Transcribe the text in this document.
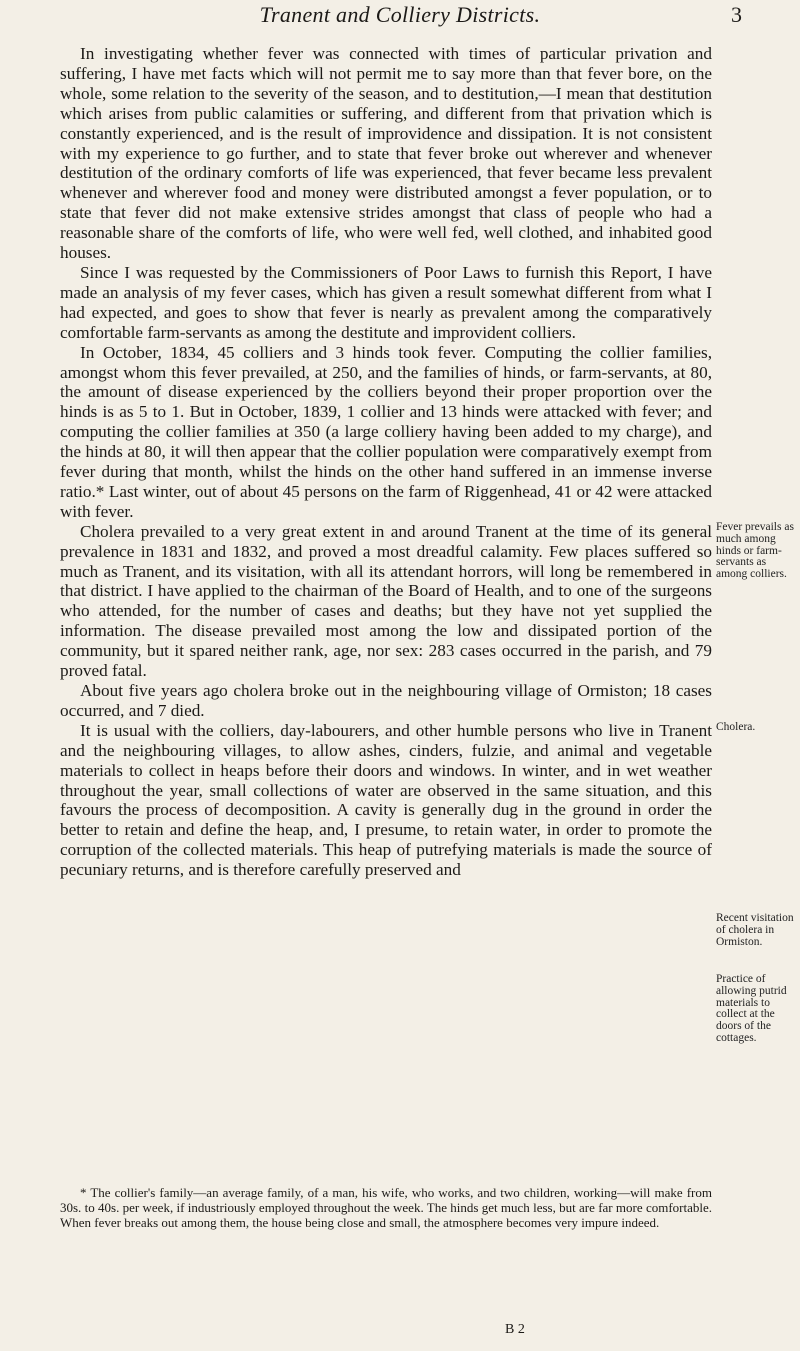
Tranent and Colliery Districts.	3

In investigating whether fever was connected with times of particular privation and suffering, I have met facts which will not permit me to say more than that fever bore, on the whole, some relation to the severity of the season, and to destitution,—I mean that destitution which arises from public calamities or suffering, and different from that privation which is constantly experienced, and is the result of improvidence and dissipation. It is not consistent with my experience to go further, and to state that fever broke out wherever and whenever destitution of the ordinary comforts of life was experienced, that fever became less prevalent whenever and wherever food and money were distributed amongst a fever population, or to state that fever did not make extensive strides amongst that class of people who had a reasonable share of the comforts of life, who were well fed, well clothed, and inhabited good houses.

Since I was requested by the Commissioners of Poor Laws to furnish this Report, I have made an analysis of my fever cases, which has given a result somewhat different from what I had expected, and goes to show that fever is nearly as prevalent among the comparatively comfortable farm-servants as among the destitute and improvident colliers.

In October, 1834, 45 colliers and 3 hinds took fever. Computing the collier families, amongst whom this fever prevailed, at 250, and the families of hinds, or farm-servants, at 80, the amount of disease experienced by the colliers beyond their proper proportion over the hinds is as 5 to 1. But in October, 1839, 1 collier and 13 hinds were attacked with fever; and computing the collier families at 350 (a large colliery having been added to my charge), and the hinds at 80, it will then appear that the collier population were comparatively exempt from fever during that month, whilst the hinds on the other hand suffered in an immense inverse ratio.* Last winter, out of about 45 persons on the farm of Riggenhead, 41 or 42 were attacked with fever.

Cholera prevailed to a very great extent in and around Tranent at the time of its general prevalence in 1831 and 1832, and proved a most dreadful calamity. Few places suffered so much as Tranent, and its visitation, with all its attendant horrors, will long be remembered in that district. I have applied to the chairman of the Board of Health, and to one of the surgeons who attended, for the number of cases and deaths; but they have not yet supplied the information. The disease prevailed most among the low and dissipated portion of the community, but it spared neither rank, age, nor sex: 283 cases occurred in the parish, and 79 proved fatal.

About five years ago cholera broke out in the neighbouring village of Ormiston; 18 cases occurred, and 7 died.

It is usual with the colliers, day-labourers, and other humble persons who live in Tranent and the neighbouring villages, to allow ashes, cinders, fulzie, and animal and vegetable materials to collect in heaps before their doors and windows. In winter, and in wet weather throughout the year, small collections of water are observed in the same situation, and this favours the process of decomposition. A cavity is generally dug in the ground in order the better to retain and define the heap, and, I presume, to retain water, in order to promote the corruption of the collected materials. This heap of putrefying materials is made the source of pecuniary returns, and is therefore carefully preserved and

Fever prevails as much among hinds or farm-servants as among colliers.
Cholera.
Recent visitation of cholera in Ormiston.
Practice of allowing putrid materials to collect at the doors of the cottages.

* The collier's family—an average family, of a man, his wife, who works, and two children, working—will make from 30s. to 40s. per week, if industriously employed throughout the week. The hinds get much less, but are far more comfortable. When fever breaks out among them, the house being close and small, the atmosphere becomes very impure indeed.

B 2
